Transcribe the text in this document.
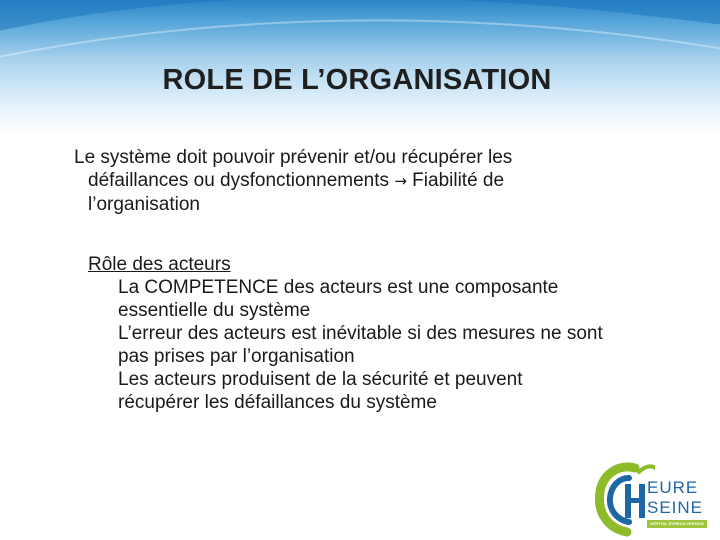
ROLE DE L’ORGANISATION
Le système doit pouvoir prévenir et/ou récupérer les
défaillances ou dysfonctionnements → Fiabilité de
l’organisation
Rôle des acteurs
La COMPETENCE des acteurs est une composante
essentielle du système
L’erreur des acteurs est inévitable si des mesures ne sont
pas prises par l’organisation
Les acteurs produisent de la sécurité et peuvent
récupérer les défaillances du système
EURE
SEINE
HÔPITAL EVREUX-VERNON
